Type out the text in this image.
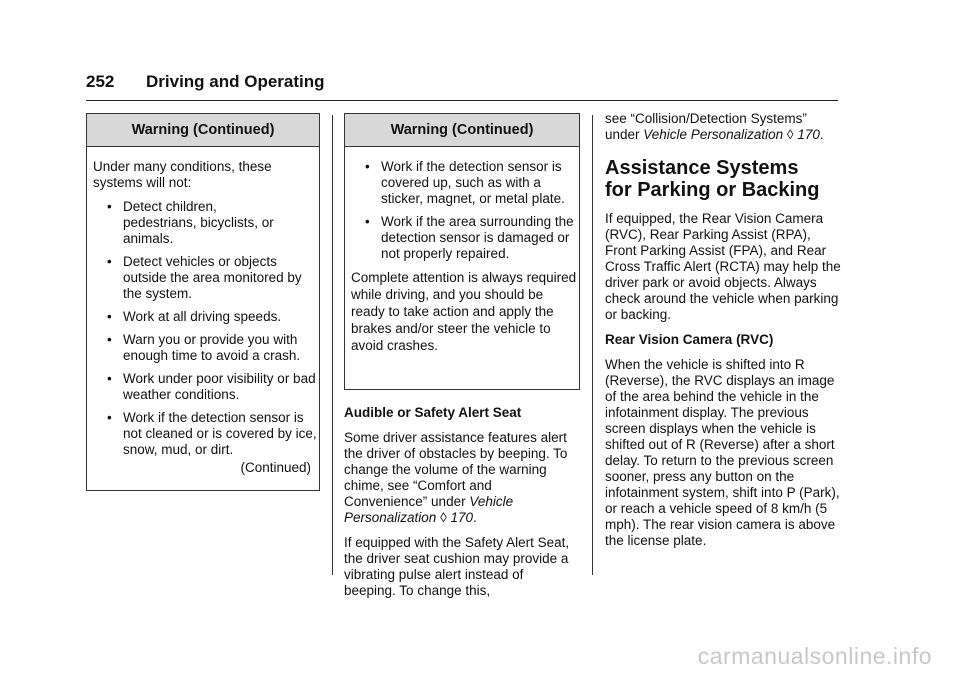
252 Driving and Operating
Warning (Continued)
Under many conditions, these systems will not:
• Detect children, pedestrians, bicyclists, or animals.
• Detect vehicles or objects outside the area monitored by the system.
• Work at all driving speeds.
• Warn you or provide you with enough time to avoid a crash.
• Work under poor visibility or bad weather conditions.
• Work if the detection sensor is not cleaned or is covered by ice, snow, mud, or dirt.
(Continued)
Warning (Continued)
• Work if the detection sensor is covered up, such as with a sticker, magnet, or metal plate.
• Work if the area surrounding the detection sensor is damaged or not properly repaired.
Complete attention is always required while driving, and you should be ready to take action and apply the brakes and/or steer the vehicle to avoid crashes.
Audible or Safety Alert Seat
Some driver assistance features alert the driver of obstacles by beeping. To change the volume of the warning chime, see “Comfort and Convenience” under Vehicle Personalization ◊ 170.
If equipped with the Safety Alert Seat, the driver seat cushion may provide a vibrating pulse alert instead of beeping. To change this,
see “Collision/Detection Systems” under Vehicle Personalization ◊ 170.
Assistance Systems for Parking or Backing
If equipped, the Rear Vision Camera (RVC), Rear Parking Assist (RPA), Front Parking Assist (FPA), and Rear Cross Traffic Alert (RCTA) may help the driver park or avoid objects. Always check around the vehicle when parking or backing.
Rear Vision Camera (RVC)
When the vehicle is shifted into R (Reverse), the RVC displays an image of the area behind the vehicle in the infotainment display. The previous screen displays when the vehicle is shifted out of R (Reverse) after a short delay. To return to the previous screen sooner, press any button on the infotainment system, shift into P (Park), or reach a vehicle speed of 8 km/h (5 mph). The rear vision camera is above the license plate.
carmanualsonline.info
